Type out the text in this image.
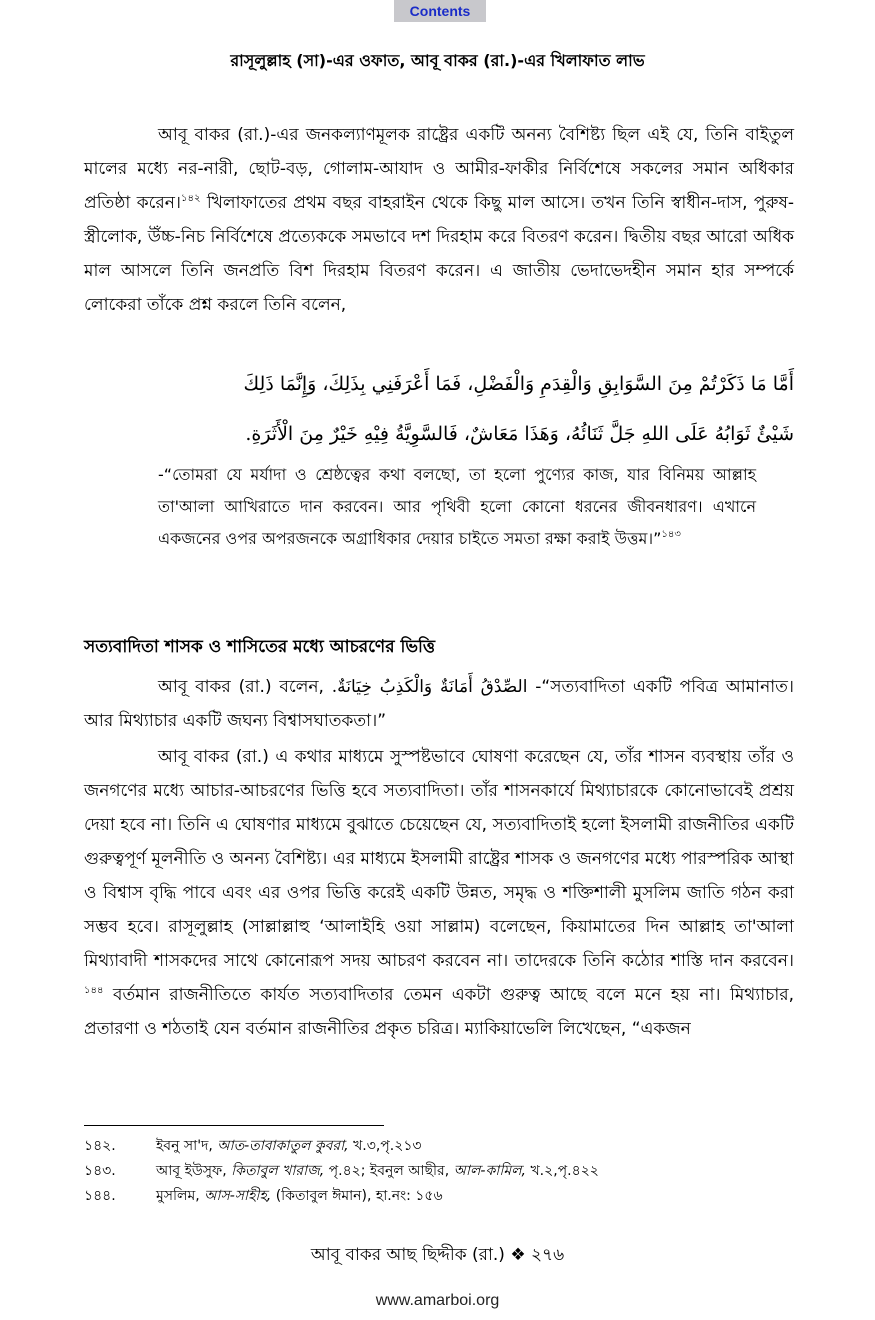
Contents
রাসূলুল্লাহ (সা)-এর ওফাত, আবূ বাকর (রা.)-এর খিলাফাত লাভ

আবূ বাকর (রা.)-এর জনকল্যাণমূলক রাষ্ট্রের একটি অনন্য বৈশিষ্ট্য ছিল এই যে, তিনি বাইতুল মালের মধ্যে নর-নারী, ছোট-বড়, গোলাম-আযাদ ও আমীর-ফাকীর নির্বিশেষে সকলের সমান অধিকার প্রতিষ্ঠা করেন।$^{১৪২}$ খিলাফাতের প্রথম বছর বাহরাইন থেকে কিছু মাল আসে। তখন তিনি স্বাধীন-দাস, পুরুষ-স্ত্রীলোক, উঁচ্চ-নিচ নির্বিশেষে প্রত্যেককে সমভাবে দশ দিরহাম করে বিতরণ করেন। দ্বিতীয় বছর আরো অধিক মাল আসলে তিনি জনপ্রতি বিশ দিরহাম বিতরণ করেন। এ জাতীয় ভেদাভেদহীন সমান হার সম্পর্কে লোকেরা তাঁকে প্রশ্ন করলে তিনি বলেন,

أَمَّا مَا ذَكَرْتُمْ مِنَ السَّوَابِقِ وَالْقِدَمِ وَالْفَضْلِ، فَمَا أَعْرَفَنِي بِذَلِكَ، وَإِنَّمَا ذَلِكَ
شَيْئٌ ثَوَابُهُ عَلَى اللهِ جَلَّ ثَنَائُهُ، وَهَذَا مَعَاشٌ، فَالسَّوِيَّةُ فِيْهِ خَيْرٌ مِنَ الْأَثَرَةِ.

-“তোমরা যে মর্যাদা ও শ্রেষ্ঠত্বের কথা বলছো, তা হলো পুণ্যের কাজ, যার বিনিময় আল্লাহ তা'আলা আখিরাতে দান করবেন। আর পৃথিবী হলো কোনো ধরনের জীবনধারণ। এখানে একজনের ওপর অপরজনকে অগ্রাধিকার দেয়ার চাইতে সমতা রক্ষা করাই উত্তম।”$^{১৪৩}$

সত্যবাদিতা শাসক ও শাসিতের মধ্যে আচরণের ভিত্তি

আবূ বাকর (রা.) বলেন, الصِّدْقُ أَمَانَةٌ وَالْكَذِبُ خِيَانَةٌ. -“সত্যবাদিতা একটি পবিত্র আমানাত। আর মিথ্যাচার একটি জঘন্য বিশ্বাসঘাতকতা।”

আবূ বাকর (রা.) এ কথার মাধ্যমে সুস্পষ্টভাবে ঘোষণা করেছেন যে, তাঁর শাসন ব্যবস্থায় তাঁর ও জনগণের মধ্যে আচার-আচরণের ভিত্তি হবে সত্যবাদিতা। তাঁর শাসনকার্যে মিথ্যাচারকে কোনোভাবেই প্রশ্রয় দেয়া হবে না। তিনি এ ঘোষণার মাধ্যমে বুঝাতে চেয়েছেন যে, সত্যবাদিতাই হলো ইসলামী রাজনীতির একটি গুরুত্বপূর্ণ মূলনীতি ও অনন্য বৈশিষ্ট্য। এর মাধ্যমে ইসলামী রাষ্ট্রের শাসক ও জনগণের মধ্যে পারস্পরিক আস্থা ও বিশ্বাস বৃদ্ধি পাবে এবং এর ওপর ভিত্তি করেই একটি উন্নত, সমৃদ্ধ ও শক্তিশালী মুসলিম জাতি গঠন করা সম্ভব হবে। রাসূলুল্লাহ (সাল্লাল্লাহু ‘আলাইহি ওয়া সাল্লাম) বলেছেন, কিয়ামাতের দিন আল্লাহ তা'আলা মিথ্যাবাদী শাসকদের সাথে কোনোরূপ সদয় আচরণ করবেন না। তাদেরকে তিনি কঠোর শাস্তি দান করবেন।$^{১৪৪}$ বর্তমান রাজনীতিতে কার্যত সত্যবাদিতার তেমন একটা গুরুত্ব আছে বলে মনে হয় না। মিথ্যাচার, প্রতারণা ও শঠতাই যেন বর্তমান রাজনীতির প্রকৃত চরিত্র। ম্যাকিয়াভেলি লিখেছেন, “একজন

১৪২.	ইবনু সা'দ, আত-তাবাকাতুল কুবরা, খ.৩,পৃ.২১৩
১৪৩.	আবূ ইউসুফ, কিতাবুল খারাজ, পৃ.৪২; ইবনুল আছীর, আল-কামিল, খ.২,পৃ.৪২২
১৪৪.	মুসলিম, আস-সাহীহ, (কিতাবুল ঈমান), হা.নং: ১৫৬
আবূ বাকর আছ ছিদ্দীক (রা.) ❖ ২৭৬
www.amarboi.org
